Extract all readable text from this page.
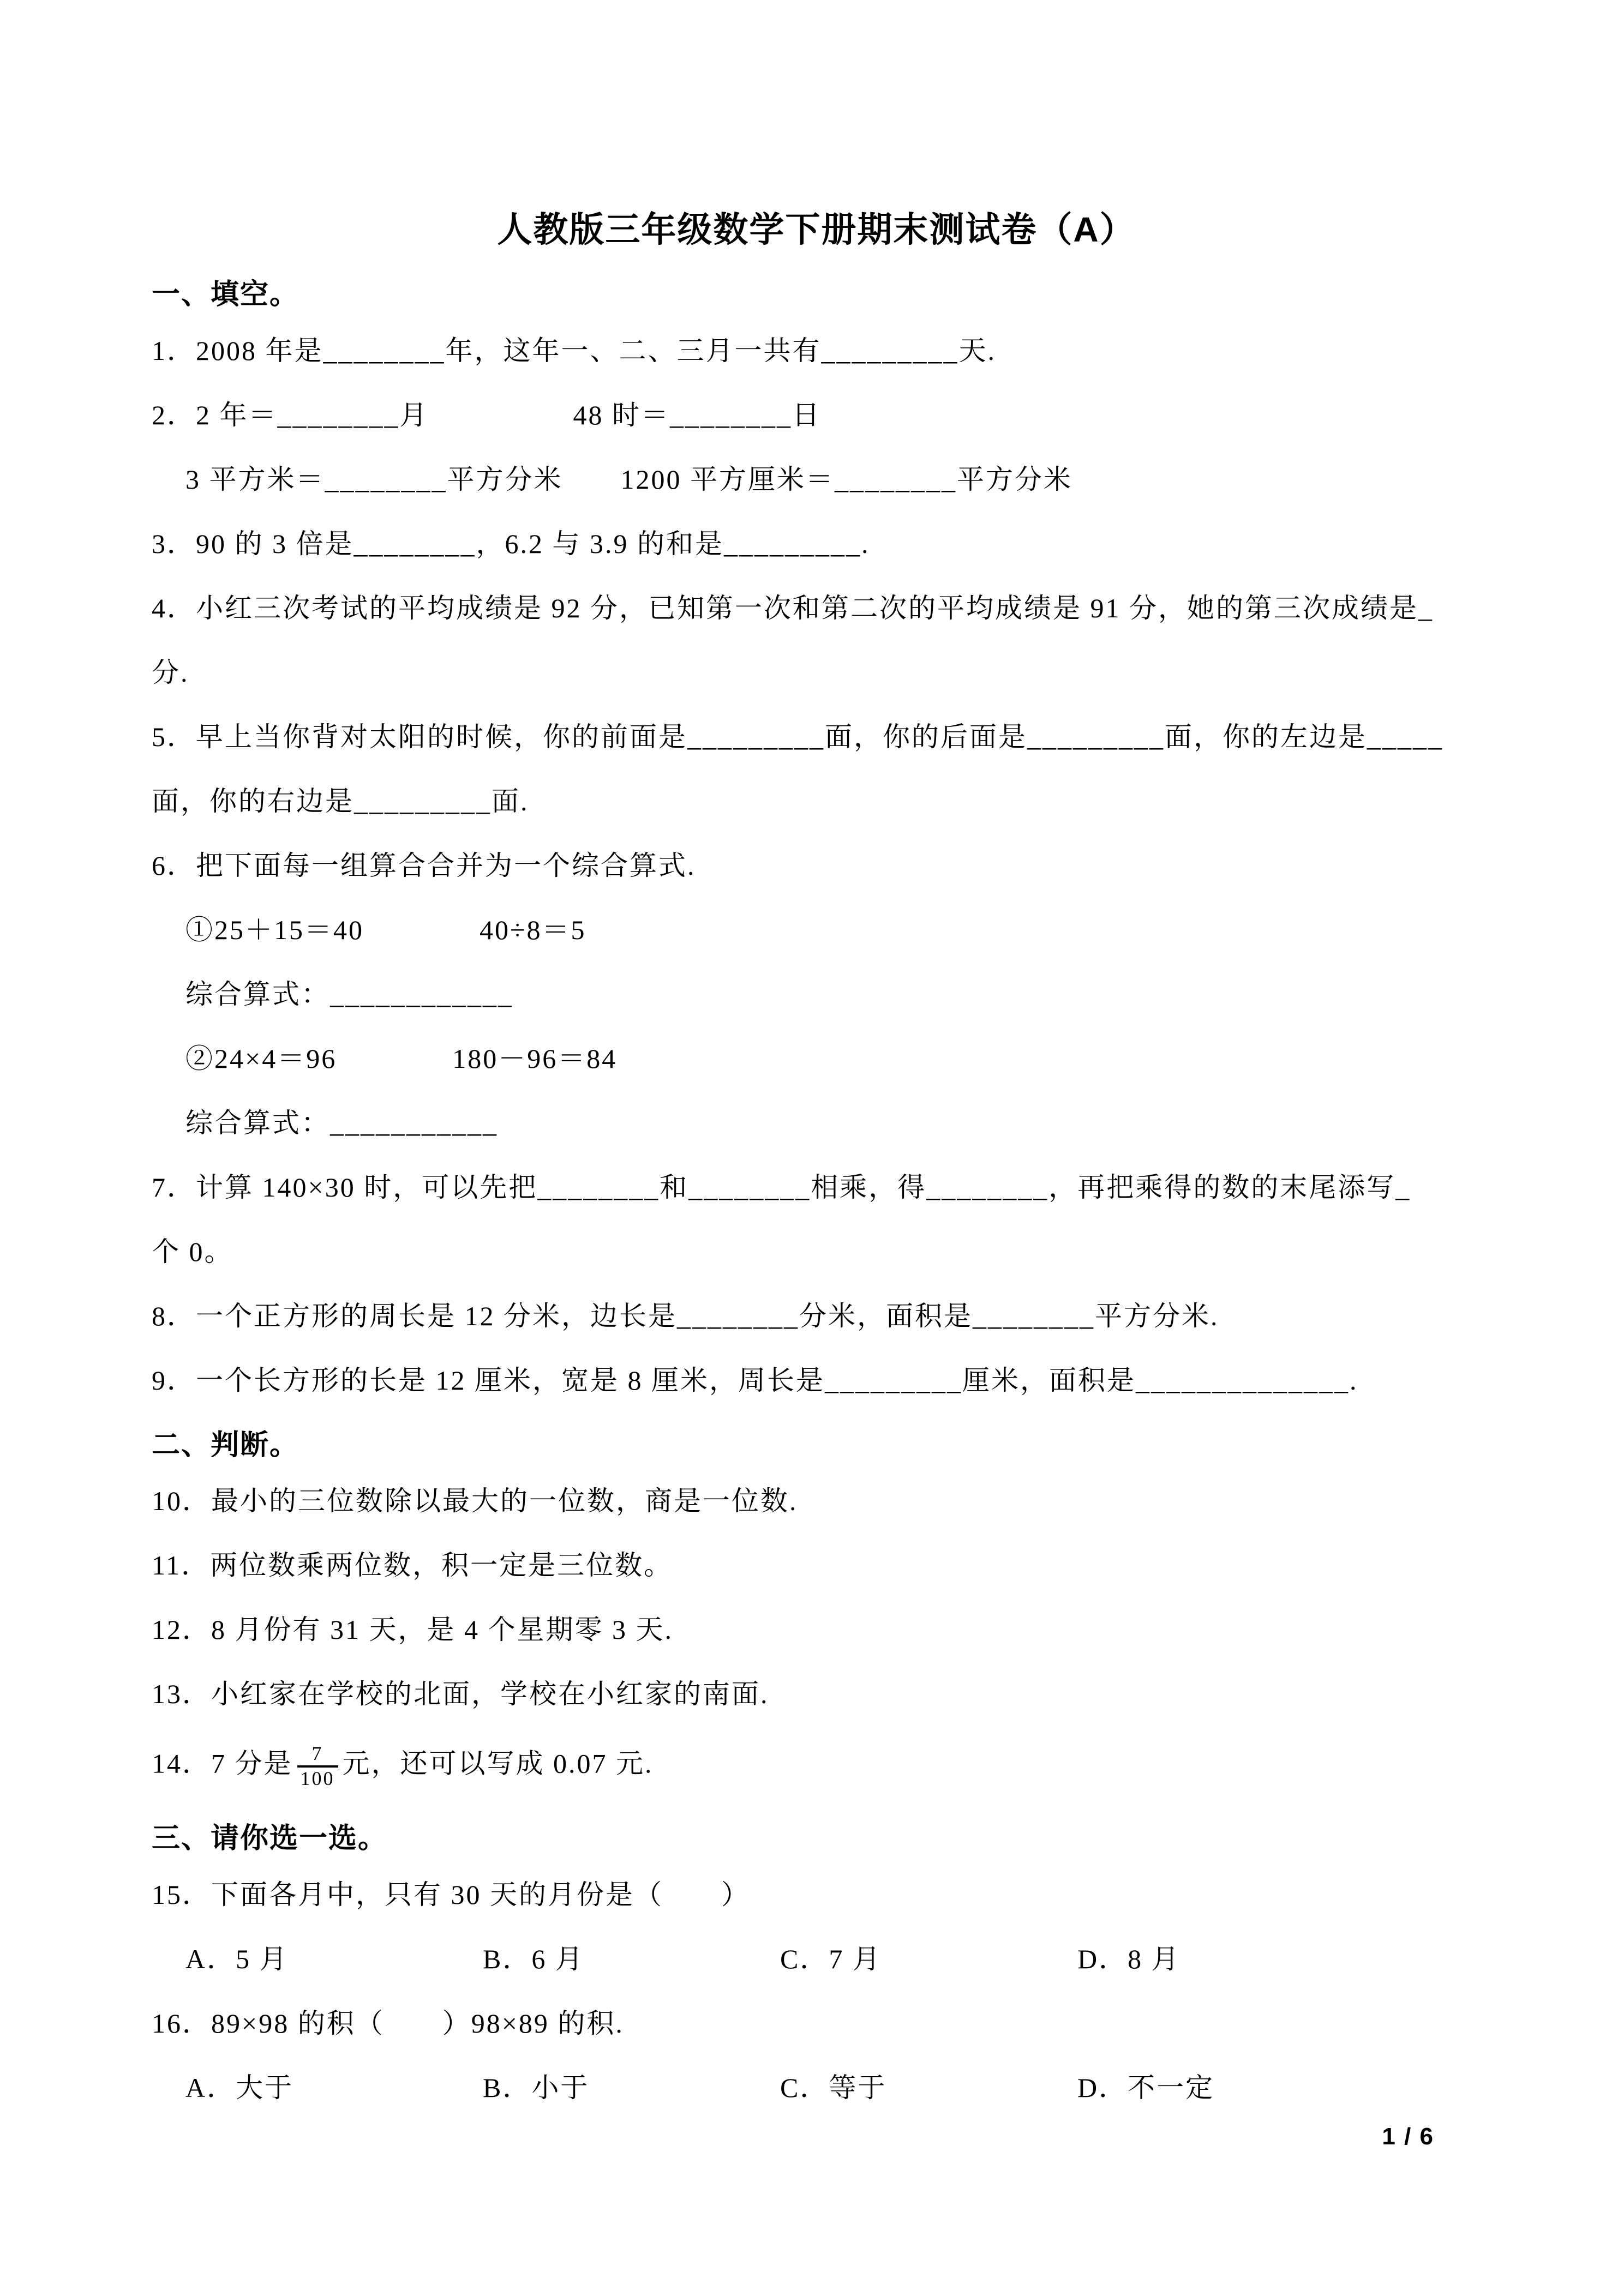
人教版三年级数学下册期末测试卷（A）
一、填空。

1．2008 年是________年，这年一、二、三月一共有_________天.

2．2 年＝________月　　　　　48 时＝________日

3 平方米＝________平方分米　　1200 平方厘米＝________平方分米

3．90 的 3 倍是________，6.2 与 3.9 的和是_________.

4．小红三次考试的平均成绩是 92 分，已知第一次和第二次的平均成绩是 91 分，她的第三次成绩是_

分.

5．早上当你背对太阳的时候，你的前面是_________面，你的后面是_________面，你的左边是_____

面，你的右边是_________面.

6．把下面每一组算合合并为一个综合算式.

①25＋15＝40　　　　40÷8＝5

综合算式：____________

②24×4＝96　　　　180－96＝84

综合算式：___________

7．计算 140×30 时，可以先把________和________相乘，得________，再把乘得的数的末尾添写_

个 0。

8．一个正方形的周长是 12 分米，边长是________分米，面积是________平方分米.

9．一个长方形的长是 12 厘米，宽是 8 厘米，周长是_________厘米，面积是______________.

二、判断。

10．最小的三位数除以最大的一位数，商是一位数.

11．两位数乘两位数，积一定是三位数。

12．8 月份有 31 天，是 4 个星期零 3 天.

13．小红家在学校的北面，学校在小红家的南面.

14．7 分是 $\frac{7}{100}$ 元，还可以写成 0.07 元.

三、请你选一选。

15．下面各月中，只有 30 天的月份是（　　）

A．5 月	B．6 月	C．7 月	D．8 月

16．89×98 的积（　　）98×89 的积.

A．大于	B．小于	C．等于	D．不一定
1 / 6
